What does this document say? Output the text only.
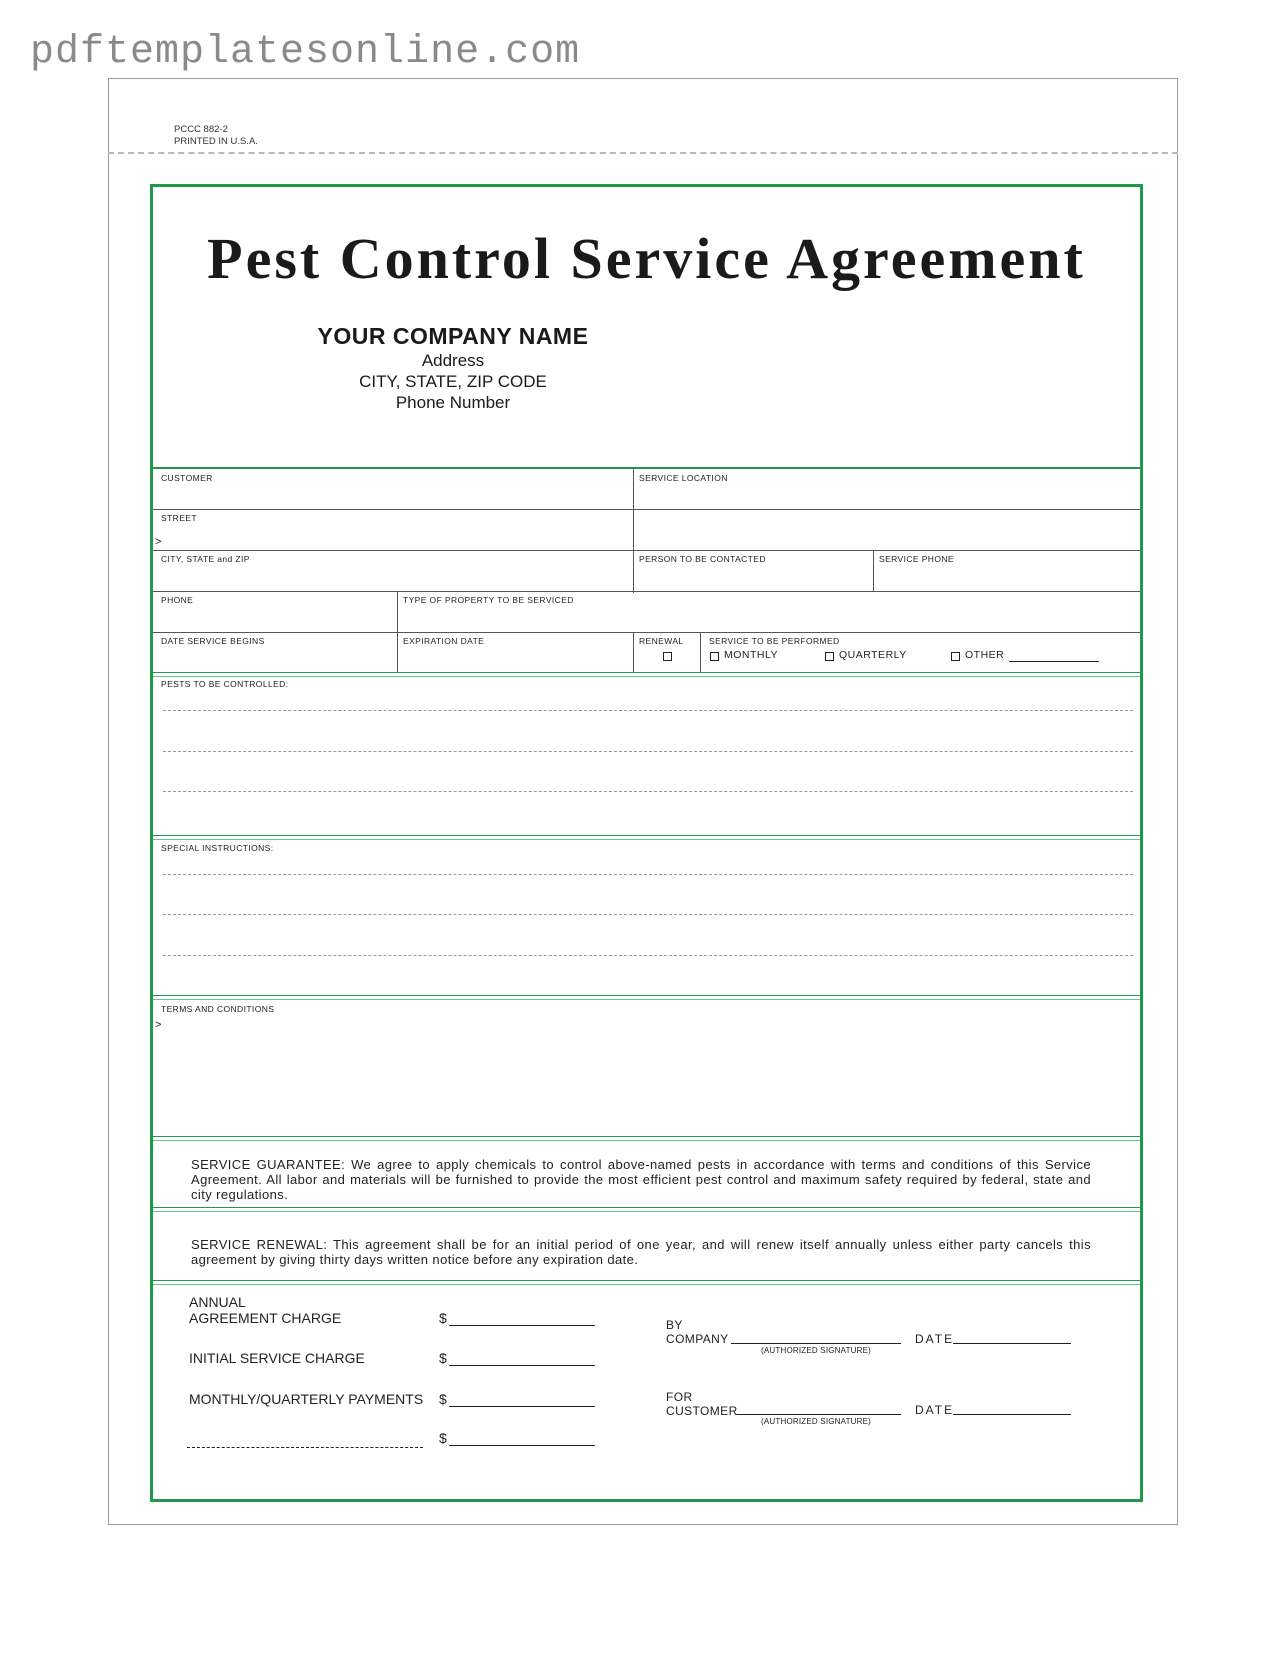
pdftemplatesonline.com
PCCC 882-2
PRINTED IN U.S.A.
Pest Control Service Agreement
YOUR COMPANY NAME
Address
CITY, STATE, ZIP CODE
Phone Number
CUSTOMER	SERVICE LOCATION
STREET
>
CITY, STATE and ZIP	PERSON TO BE CONTACTED	SERVICE PHONE
PHONE	TYPE OF PROPERTY TO BE SERVICED
DATE SERVICE BEGINS	EXPIRATION DATE	RENEWAL	SERVICE TO BE PERFORMED
MONTHLY	QUARTERLY	OTHER
PESTS TO BE CONTROLLED:
SPECIAL INSTRUCTIONS:
TERMS AND CONDITIONS
>
SERVICE GUARANTEE: We agree to apply chemicals to control above-named pests in accordance with terms and conditions of this Service Agreement. All labor and materials will be furnished to provide the most efficient pest control and maximum safety required by federal, state and city regulations.
SERVICE RENEWAL: This agreement shall be for an initial period of one year, and will renew itself annually unless either party cancels this agreement by giving thirty days written notice before any expiration date.
ANNUAL
AGREEMENT CHARGE	$
INITIAL SERVICE CHARGE	$
MONTHLY/QUARTERLY PAYMENTS $
$
BY
COMPANY
(AUTHORIZED SIGNATURE)
DATE
FOR
CUSTOMER
(AUTHORIZED SIGNATURE)
DATE
